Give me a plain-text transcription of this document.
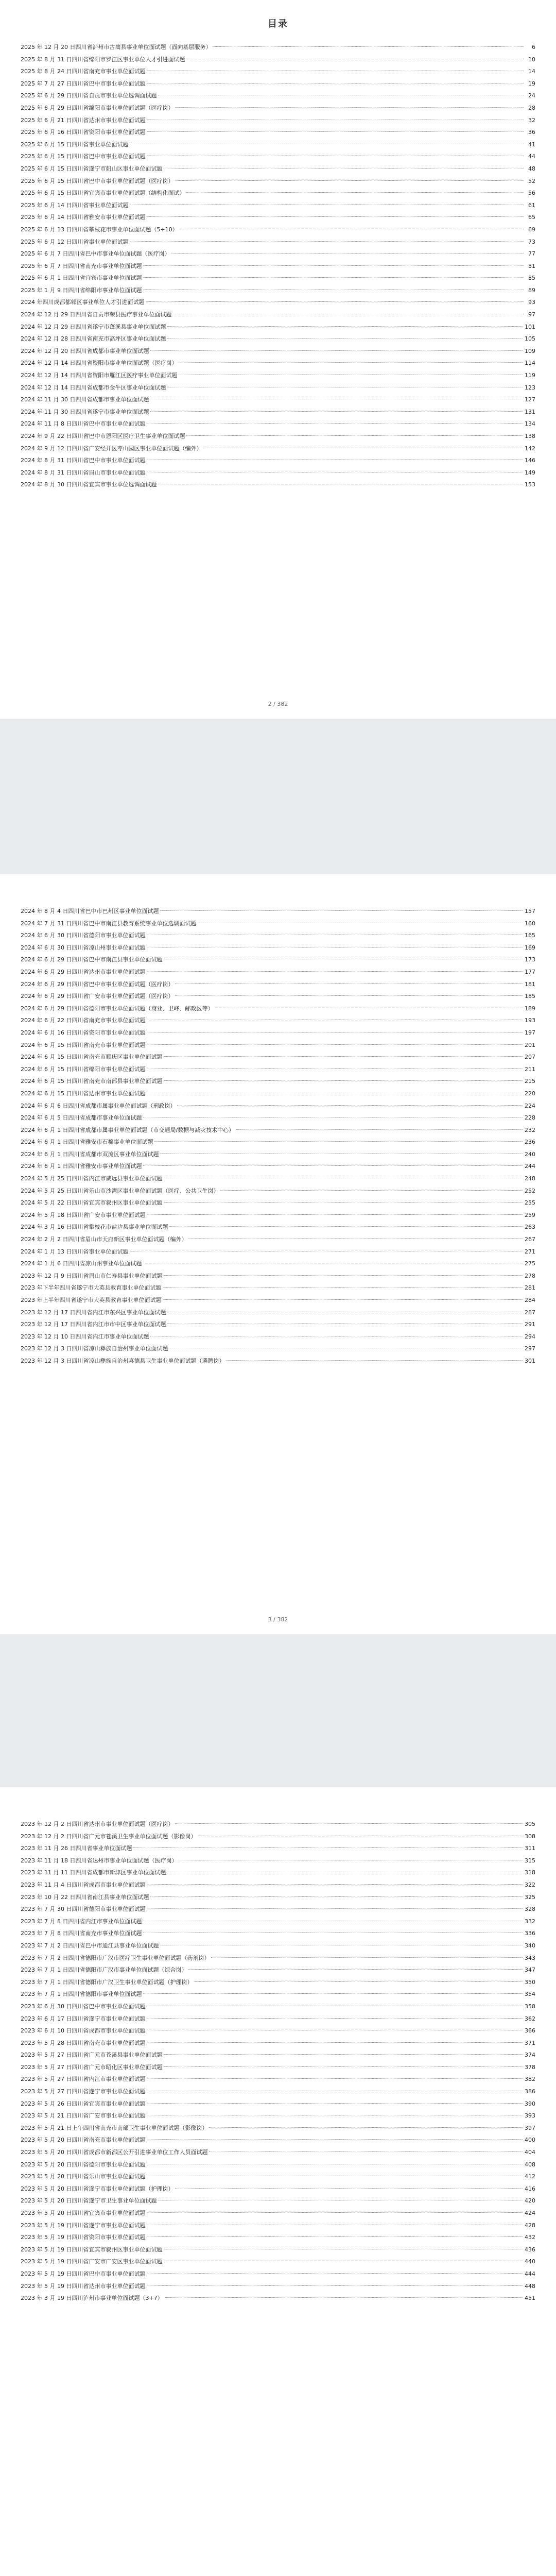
目录
2025 年 12 月 20 日四川省泸州市古蔺县事业单位面试题（面向基层服务）	6
2025 年 8 月 31 日四川省绵阳市罗江区事业单位人才引进面试题	10
2025 年 8 月 24 日四川省南充市事业单位面试题	14
2025 年 7 月 27 日四川省巴中市事业单位面试题	19
2025 年 6 月 29 日四川省自贡市事业单位选调面试题	24
2025 年 6 月 29 日四川省绵阳市事业单位面试题（医疗岗）	28
2025 年 6 月 21 日四川省达州市事业单位面试题	32
2025 年 6 月 16 日四川省资阳市事业单位面试题	36
2025 年 6 月 15 日四川省事业单位面试题	41
2025 年 6 月 15 日四川省巴中市事业单位面试题	44
2025 年 6 月 15 日四川省遂宁市船山区事业单位面试题	48
2025 年 6 月 15 日四川省巴中市事业单位面试题（医疗岗）	52
2025 年 6 月 15 日四川省宜宾市事业单位面试题（结构化面试）	56
2025 年 6 月 14 日四川省事业单位面试题	61
2025 年 6 月 14 日四川省雅安市事业单位面试题	65
2025 年 6 月 13 日四川省攀枝花市事业单位面试题（5+10）	69
2025 年 6 月 12 日四川省事业单位面试题	73
2025 年 6 月 7 日四川省巴中市事业单位面试题（医疗岗）	77
2025 年 6 月 7 日四川省南充市事业单位面试题	81
2025 年 6 月 1 日四川省宜宾市事业单位面试题	85
2025 年 1 月 9 日四川省绵阳市事业单位面试题	89
2024 年四川成都都郫区事业单位人才引进面试题	93
2024 年 12 月 29 日四川省自贡市荣县医疗事业单位面试题	97
2024 年 12 月 29 日四川省遂宁市蓬溪县事业单位面试题	101
2024 年 12 月 28 日四川省南充市高坪区事业单位面试题	105
2024 年 12 月 20 日四川省成都市事业单位面试题	109
2024 年 12 月 14 日四川省资阳市事业单位面试题（医疗岗）	114
2024 年 12 月 14 日四川省资阳市雁江区医疗事业单位面试题	119
2024 年 12 月 14 日四川省成都市金牛区事业单位面试题	123
2024 年 11 月 30 日四川省成都市事业单位面试题	127
2024 年 11 月 30 日四川省遂宁市事业单位面试题	131
2024 年 11 月 8 日四川省巴中市事业单位面试题	134
2024 年 9 月 22 日四川省巴中市恩阳区医疗卫生事业单位面试题	138
2024 年 9 月 12 日四川省广安经开区枣山园区事业单位面试题（编外）	142
2024 年 8 月 31 日四川省巴中市事业单位面试题	146
2024 年 8 月 31 日四川省眉山市事业单位面试题	149
2024 年 8 月 30 日四川省宜宾市事业单位选调面试题	153
2 / 382
2024 年 8 月 4 日四川省巴中市巴州区事业单位面试题	157
2024 年 7 月 31 日四川省巴中市南江县教育系统事业单位选调面试题	160
2024 年 6 月 30 日四川省德阳市事业单位面试题	165
2024 年 6 月 30 日四川省凉山州事业单位面试题	169
2024 年 6 月 29 日四川省巴中市南江县事业单位面试题	173
2024 年 6 月 29 日四川省达州市事业单位面试题	177
2024 年 6 月 29 日四川省巴中市事业单位面试题（医疗岗）	181
2024 年 6 月 29 日四川省广安市事业单位面试题（医疗岗）	185
2024 年 6 月 29 日四川省德阳市事业单位面试题（商业、卫峰、邮政区等）	189
2024 年 6 月 22 日四川省南充市事业单位面试题	193
2024 年 6 月 16 日四川省资阳市事业单位面试题	197
2024 年 6 月 15 日四川省南充市事业单位面试题	201
2024 年 6 月 15 日四川省南充市顺庆区事业单位面试题	207
2024 年 6 月 15 日四川省绵阳市事业单位面试题	211
2024 年 6 月 15 日四川省南充市南部县事业单位面试题	215
2024 年 6 月 15 日四川省达州市事业单位面试题	220
2024 年 6 月 6 日四川省成都市属事业单位面试题（刑政岗）	224
2024 年 6 月 5 日四川省成都市事业单位面试题	228
2024 年 6 月 1 日四川省成都市属事业单位面试题（市交通局/数据与减灾技术中心）	232
2024 年 6 月 1 日四川省雅安市石棉事业单位面试题	236
2024 年 6 月 1 日四川省成都市双流区事业单位面试题	240
2024 年 6 月 1 日四川省雅安市事业单位面试题	244
2024 年 5 月 25 日四川省内江市威远县事业单位面试题	248
2024 年 5 月 25 日四川省乐山市沙湾区事业单位面试题（医疗、公共卫生岗）	252
2024 年 5 月 22 日四川省宜宾市叙州区事业单位面试题	255
2024 年 5 月 18 日四川省广安市事业单位面试题	259
2024 年 3 月 16 日四川省攀枝花市盐边县事业单位面试题	263
2024 年 2 月 2 日四川省眉山市天府新区事业单位面试题（编外）	267
2024 年 1 月 13 日四川省事业单位面试题	271
2024 年 1 月 6 日四川省凉山州事业单位面试题	275
2023 年 12 月 9 日四川省眉山市仁寿县事业单位面试题	278
2023 年下半年四川省遂宁市大英县教育事业单位面试题	281
2023 年上半年四川省遂宁市大英县教育事业单位面试题	284
2023 年 12 月 17 日四川省内江市东兴区事业单位面试题	287
2023 年 12 月 17 日四川省内江市市中区事业单位面试题	291
2023 年 12 月 10 日四川省内江市事业单位面试题	294
2023 年 12 月 3 日四川省凉山彝族自治州事业单位面试题	297
2023 年 12 月 3 日四川省凉山彝族自治州喜德县卫生事业单位面试题（遴聘岗）	301
3 / 382
2023 年 12 月 2 日四川省达州市事业单位面试题（医疗岗）	305
2023 年 12 月 2 日四川省广元市苍溪卫生事业单位面试题（影像岗）	308
2023 年 11 月 26 日四川省事业单位面试题	311
2023 年 11 月 18 日四川省达州市事业单位面试题（医疗岗）	315
2023 年 11 月 11 日四川省成都市新津区事业单位面试题	318
2023 年 11 月 4 日四川省成都市事业单位面试题	322
2023 年 10 月 22 日四川省南江县事业单位面试题	325
2023 年 7 月 30 日四川省德阳市事业单位面试题	328
2023 年 7 月 8 日四川省内江市事业单位面试题	332
2023 年 7 月 8 日四川省南充市事业单位面试题	336
2023 年 7 月 2 日四川省巴中市通江县事业单位面试题	340
2023 年 7 月 2 日四川省德阳市广汉市医疗卫生事业单位面试题（药剂岗）	343
2023 年 7 月 1 日四川省德阳市广汉市事业单位面试题（综合岗）	347
2023 年 7 月 1 日四川省德阳市广汉卫生事业单位面试题（护理岗）	350
2023 年 7 月 1 日四川省德阳市事业单位面试题	354
2023 年 6 月 30 日四川省巴中市事业单位面试题	358
2023 年 6 月 17 日四川省遂宁市事业单位面试题	362
2023 年 6 月 10 日四川省成都市事业单位面试题	366
2023 年 5 月 28 日四川省南充市事业单位面试题	371
2023 年 5 月 27 日四川省广元市苍溪县事业单位面试题	374
2023 年 5 月 27 日四川省广元市昭化区事业单位面试题	378
2023 年 5 月 27 日四川省内江市事业单位面试题	382
2023 年 5 月 27 日四川省遂宁市事业单位面试题	386
2023 年 5 月 26 日四川省宜宾市事业单位面试题	390
2023 年 5 月 21 日四川省广安市事业单位面试题	393
2023 年 5 月 21 日上午四川省南充市南部卫生事业单位面试题（影像岗）	397
2023 年 5 月 20 日四川省南充市事业单位面试题	400
2023 年 5 月 20 日四川省成都市新都区公开引进事业单位工作人员面试题	404
2023 年 5 月 20 日四川省德阳市事业单位面试题	408
2023 年 5 月 20 日四川省乐山市事业单位面试题	412
2023 年 5 月 20 日四川省遂宁市事业单位面试题（护理岗）	416
2023 年 5 月 20 日四川省遂宁市卫生事业单位面试题	420
2023 年 5 月 20 日四川省宜宾市事业单位面试题	424
2023 年 5 月 19 日四川省遂宁市事业单位面试题	428
2023 年 5 月 19 日四川省资阳市事业单位面试题	432
2023 年 5 月 19 日四川省宜宾市叙州区事业单位面试题	436
2023 年 5 月 19 日四川省广安市广安区事业单位面试题	440
2023 年 5 月 19 日四川省巴中市事业单位面试题	444
2023 年 5 月 19 日四川省达州市事业单位面试题	448
2023 年 3 月 19 日四川泸州市事业单位面试题（3+7）	451
